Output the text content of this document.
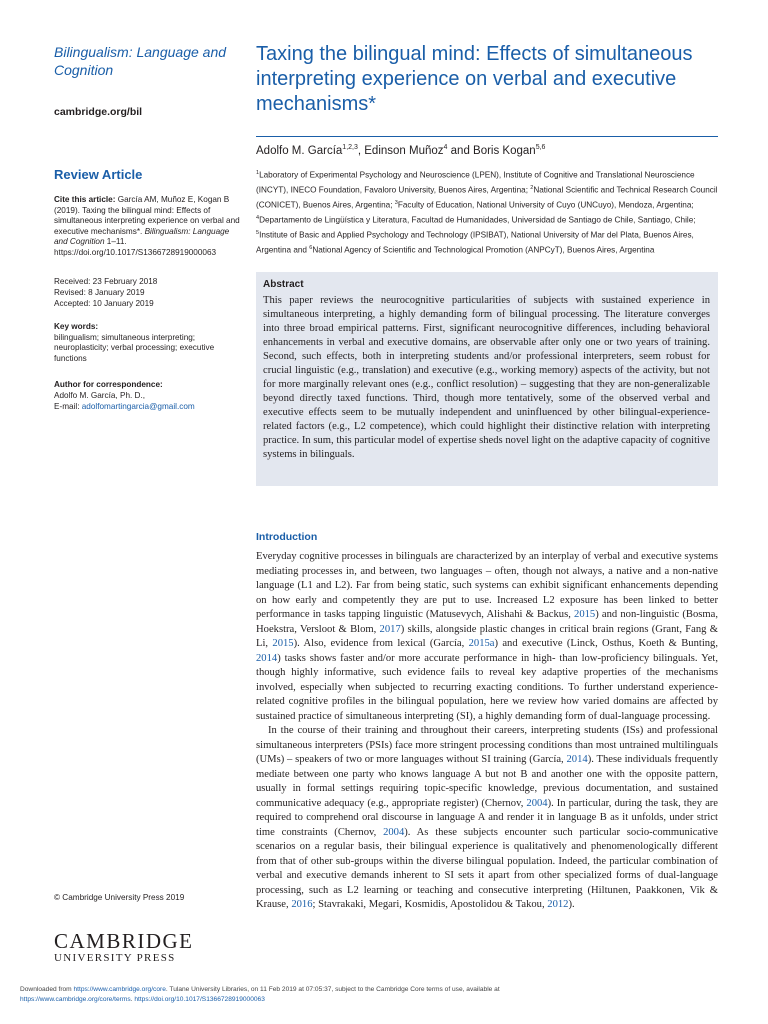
Bilingualism: Language and Cognition
cambridge.org/bil
Review Article
Cite this article: García AM, Muñoz E, Kogan B (2019). Taxing the bilingual mind: Effects of simultaneous interpreting experience on verbal and executive mechanisms*. Bilingualism: Language and Cognition 1–11. https://doi.org/10.1017/S1366728919000063
Received: 23 February 2018
Revised: 8 January 2019
Accepted: 10 January 2019
Key words:
bilingualism; simultaneous interpreting; neuroplasticity; verbal processing; executive functions
Author for correspondence:
Adolfo M. García, Ph. D.,
E-mail: adolfomartingarcia@gmail.com
© Cambridge University Press 2019
CAMBRIDGE
UNIVERSITY PRESS
Taxing the bilingual mind: Effects of simultaneous interpreting experience on verbal and executive mechanisms*
Adolfo M. García$^{1,2,3}$, Edinson Muñoz$^4$ and Boris Kogan$^{5,6}$
$^1$Laboratory of Experimental Psychology and Neuroscience (LPEN), Institute of Cognitive and Translational Neuroscience (INCYT), INECO Foundation, Favaloro University, Buenos Aires, Argentina; $^2$National Scientific and Technical Research Council (CONICET), Buenos Aires, Argentina; $^3$Faculty of Education, National University of Cuyo (UNCuyo), Mendoza, Argentina; $^4$Departamento de Lingüística y Literatura, Facultad de Humanidades, Universidad de Santiago de Chile, Santiago, Chile; $^5$Institute of Basic and Applied Psychology and Technology (IPSIBAT), National University of Mar del Plata, Buenos Aires, Argentina and $^6$National Agency of Scientific and Technological Promotion (ANPCyT), Buenos Aires, Argentina
Abstract

This paper reviews the neurocognitive particularities of subjects with sustained experience in simultaneous interpreting, a highly demanding form of bilingual processing. The literature converges into three broad empirical patterns. First, significant neurocognitive differences, including behavioral enhancements in verbal and executive domains, are observable after only one or two years of training. Second, such effects, both in interpreting students and/or professional interpreters, seem robust for crucial linguistic (e.g., translation) and executive (e.g., working memory) aspects of the activity, but not for more marginally relevant ones (e.g., conflict resolution) – suggesting that they are non-generalizable beyond directly taxed functions. Third, though more tentatively, some of the observed verbal and executive effects seem to be mutually independent and uninfluenced by other bilingual-experience-related factors (e.g., L2 competence), which could highlight their distinctive relation with interpreting practice. In sum, this particular model of expertise sheds novel light on the adaptive capacity of cognitive systems in bilinguals.

Introduction

Everyday cognitive processes in bilinguals are characterized by an interplay of verbal and executive systems mediating processes in, and between, two languages – often, though not always, a native and a non-native language (L1 and L2). Far from being static, such systems can exhibit significant enhancements depending on how early and competently they are put to use. Increased L2 exposure has been linked to better performance in tasks tapping linguistic (Matusevych, Alishahi & Backus, 2015) and non-linguistic (Bosma, Hoekstra, Versloot & Blom, 2017) skills, alongside plastic changes in critical brain regions (Grant, Fang & Li, 2015). Also, evidence from lexical (García, 2015a) and executive (Linck, Osthus, Koeth & Bunting, 2014) tasks shows faster and/or more accurate performance in high- than low-proficiency bilinguals. Yet, though highly informative, such evidence fails to reveal key adaptive properties of the mechanisms involved, especially when subjected to recurring exacting conditions. To further understand experience-related cognitive profiles in the bilingual population, here we review how varied domains are affected by sustained practice of simultaneous interpreting (SI), a highly demanding form of dual-language processing.

In the course of their training and throughout their careers, interpreting students (ISs) and professional simultaneous interpreters (PSIs) face more stringent processing conditions than most untrained multilinguals (UMs) – speakers of two or more languages without SI training (García, 2014). These individuals frequently mediate between one party who knows language A but not B and another one with the opposite pattern, usually in formal settings requiring topic-specific knowledge, previous documentation, and sustained communicative adequacy (e.g., appropriate register) (Chernov, 2004). In particular, during the task, they are required to comprehend oral discourse in language A and render it in language B as it unfolds, under strict time constraints (Chernov, 2004). As these subjects encounter such particular socio-communicative scenarios on a regular basis, their bilingual experience is qualitatively and phenomenologically different from that of other sub-groups within the diverse bilingual population. Indeed, the particular combination of verbal and executive demands inherent to SI sets it apart from other specialized forms of dual-language processing, such as L2 learning or teaching and consecutive interpreting (Hiltunen, Paakkonen, Vik & Krause, 2016; Stavrakaki, Megari, Kosmidis, Apostolidou & Takou, 2012).

Downloaded from https://www.cambridge.org/core. Tulane University Libraries, on 11 Feb 2019 at 07:05:37, subject to the Cambridge Core terms of use, available at
https://www.cambridge.org/core/terms. https://doi.org/10.1017/S1366728919000063
